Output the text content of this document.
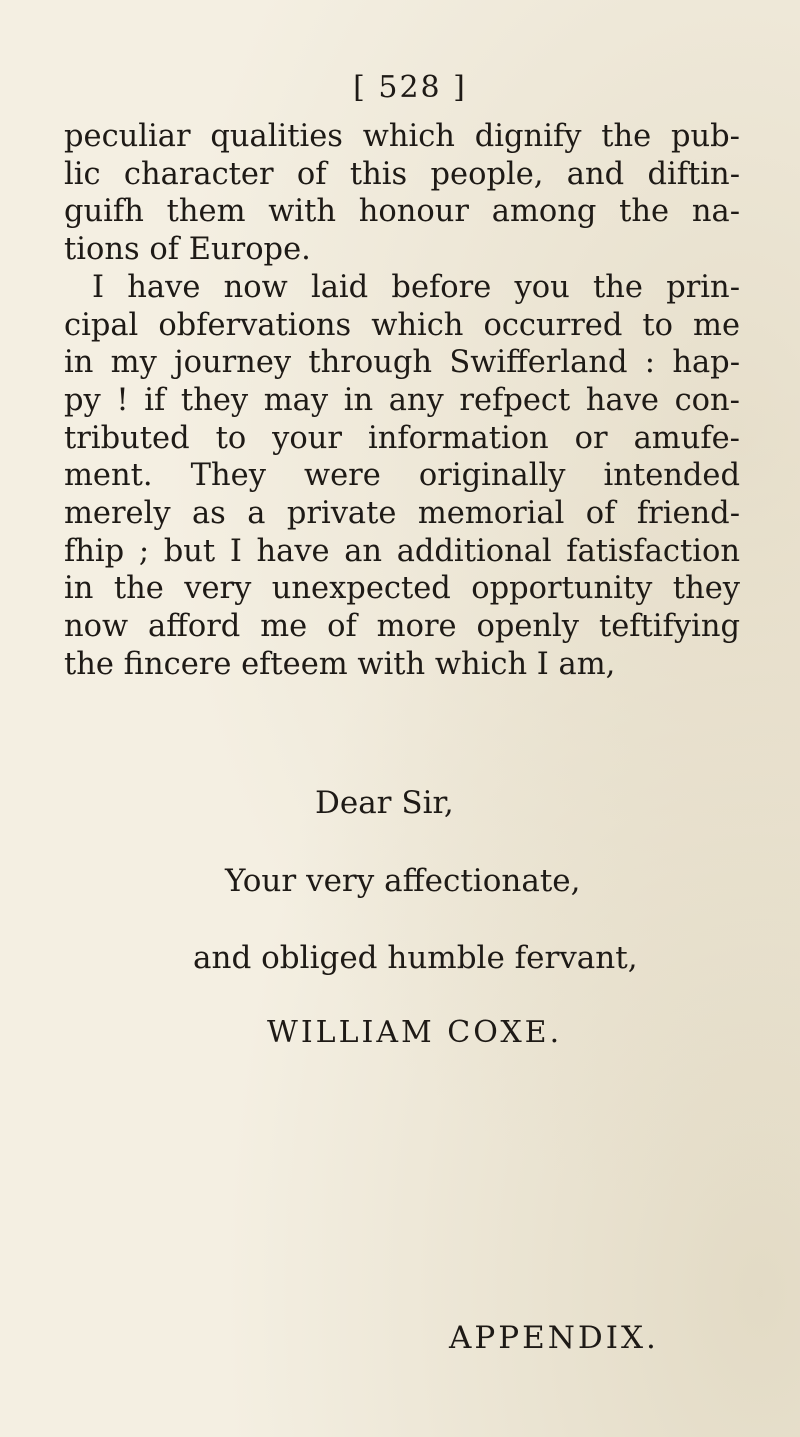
[ 528 ]
peculiar qualities which dignify the pub-
lic character of this people, and diftin-
guifh them with honour among the na-
tions of Europe.
I have now laid before you the prin-
cipal obfervations which occurred to me
in my journey through Swifferland : hap-
py ! if they may in any refpect have con-
tributed to your information or amufe-
ment. They were originally intended
merely as a private memorial of friend-
fhip ; but I have an additional fatisfaction
in the very unexpected opportunity they
now afford me of more openly teftifying
the fincere efteem with which I am,
Dear Sir,
Your very affectionate,
and obliged humble fervant,
WILLIAM COXE.
APPENDIX.
